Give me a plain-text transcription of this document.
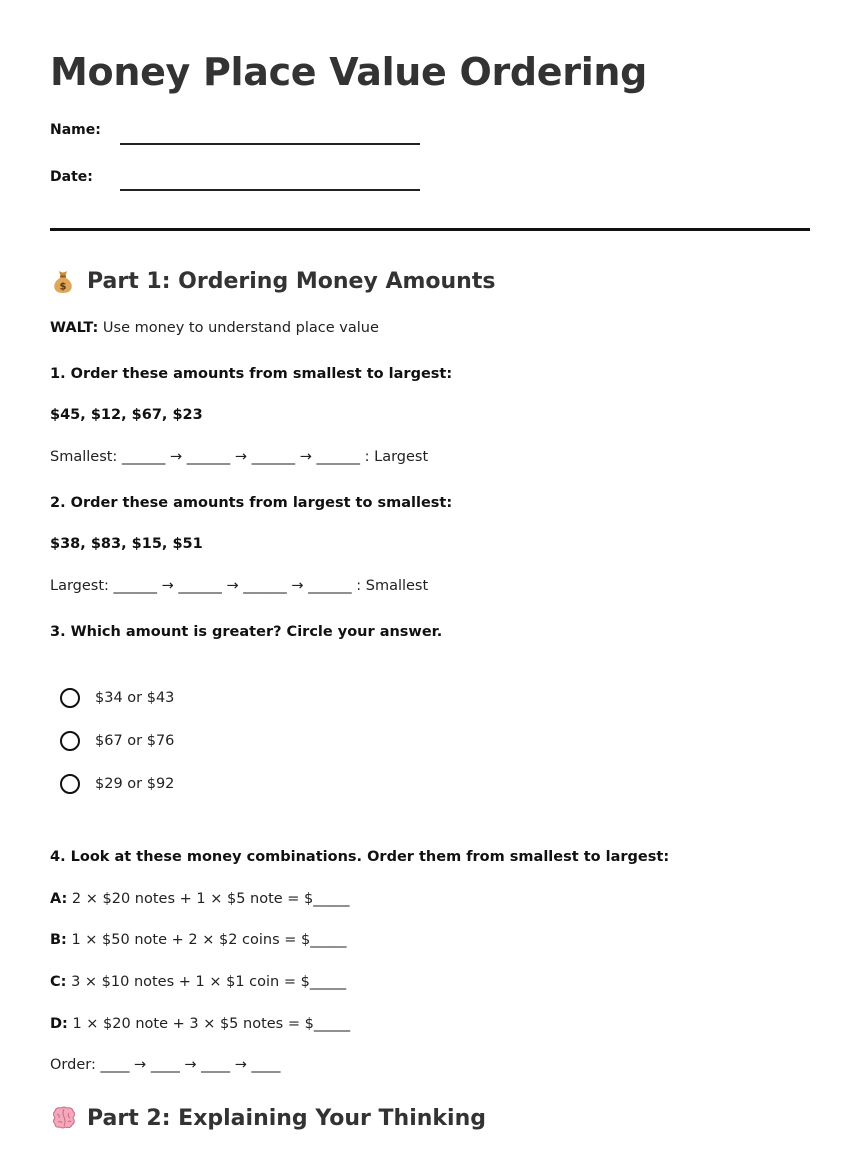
Money Place Value Ordering
Name:
Date:
$ Part 1: Ordering Money Amounts
WALT: Use money to understand place value
1. Order these amounts from smallest to largest:
$45, $12, $67, $23
Smallest: ______ → ______ → ______ → ______ : Largest
2. Order these amounts from largest to smallest:
$38, $83, $15, $51
Largest: ______ → ______ → ______ → ______ : Smallest
3. Which amount is greater? Circle your answer.
$34 or $43
$67 or $76
$29 or $92
4. Look at these money combinations. Order them from smallest to largest:
A: 2 × $20 notes + 1 × $5 note = $_____
B: 1 × $50 note + 2 × $2 coins = $_____
C: 3 × $10 notes + 1 × $1 coin = $_____
D: 1 × $20 note + 3 × $5 notes = $_____
Order: ____ → ____ → ____ → ____
Part 2: Explaining Your Thinking
